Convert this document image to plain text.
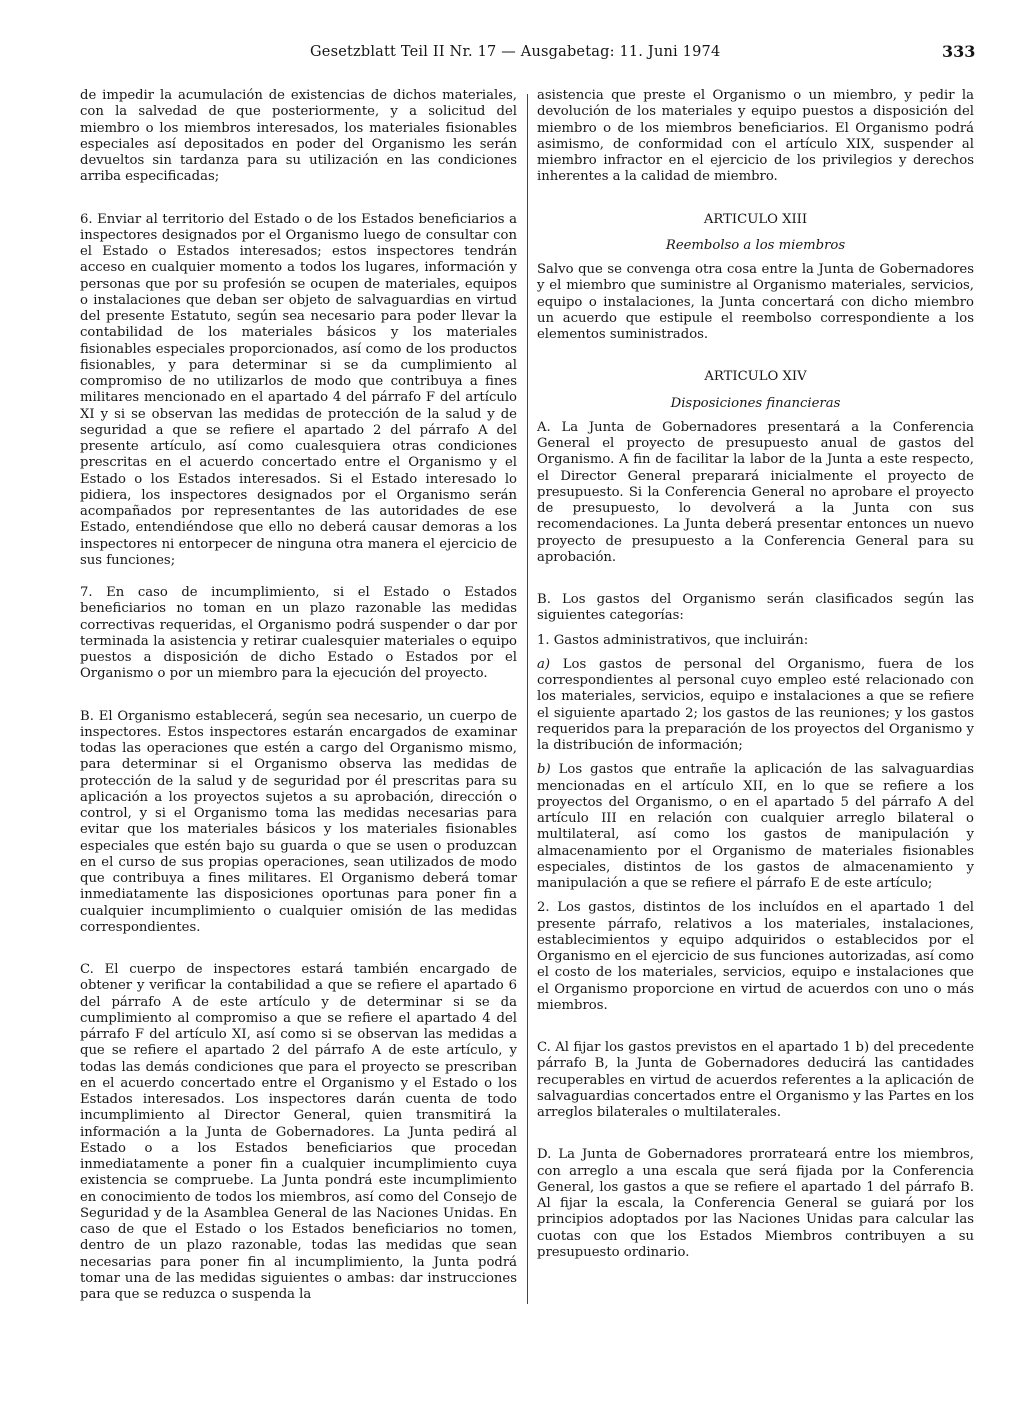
Gesetzblatt Teil II Nr. 17 — Ausgabetag: 11. Juni 1974	333

de impedir la acumulación de existencias de dichos materiales, con la salvedad de que posteriormente, y a solicitud del miembro o los miembros interesados, los materiales fisionables especiales así depositados en poder del Organismo les serán devueltos sin tardanza para su utilización en las condiciones arriba especificadas;

6. Enviar al territorio del Estado o de los Estados beneficiarios a inspectores designados por el Organismo luego de consultar con el Estado o Estados interesados; estos inspectores tendrán acceso en cualquier momento a todos los lugares, información y personas que por su profesión se ocupen de materiales, equipos o instalaciones que deban ser objeto de salvaguardias en virtud del presente Estatuto, según sea necesario para poder llevar la contabilidad de los materiales básicos y los materiales fisionables especiales proporcionados, así como de los productos fisionables, y para determinar si se da cumplimiento al compromiso de no utilizarlos de modo que contribuya a fines militares mencionado en el apartado 4 del párrafo F del artículo XI y si se observan las medidas de protección de la salud y de seguridad a que se refiere el apartado 2 del párrafo A del presente artículo, así como cualesquiera otras condiciones prescritas en el acuerdo concertado entre el Organismo y el Estado o los Estados interesados. Si el Estado interesado lo pidiera, los inspectores designados por el Organismo serán acompañados por representantes de las autoridades de ese Estado, entendiéndose que ello no deberá causar demoras a los inspectores ni entorpecer de ninguna otra manera el ejercicio de sus funciones;

7. En caso de incumplimiento, si el Estado o Estados beneficiarios no toman en un plazo razonable las medidas correctivas requeridas, el Organismo podrá suspender o dar por terminada la asistencia y retirar cualesquier materiales o equipo puestos a disposición de dicho Estado o Estados por el Organismo o por un miembro para la ejecución del proyecto.

B. El Organismo establecerá, según sea necesario, un cuerpo de inspectores. Estos inspectores estarán encargados de examinar todas las operaciones que estén a cargo del Organismo mismo, para determinar si el Organismo observa las medidas de protección de la salud y de seguridad por él prescritas para su aplicación a los proyectos sujetos a su aprobación, dirección o control, y si el Organismo toma las medidas necesarias para evitar que los materiales básicos y los materiales fisionables especiales que estén bajo su guarda o que se usen o produzcan en el curso de sus propias operaciones, sean utilizados de modo que contribuya a fines militares. El Organismo deberá tomar inmediatamente las disposiciones oportunas para poner fin a cualquier incumplimiento o cualquier omisión de las medidas correspondientes.

C. El cuerpo de inspectores estará también encargado de obtener y verificar la contabilidad a que se refiere el apartado 6 del párrafo A de este artículo y de determinar si se da cumplimiento al compromiso a que se refiere el apartado 4 del párrafo F del artículo XI, así como si se observan las medidas a que se refiere el apartado 2 del párrafo A de este artículo, y todas las demás condiciones que para el proyecto se prescriban en el acuerdo concertado entre el Organismo y el Estado o los Estados interesados. Los inspectores darán cuenta de todo incumplimiento al Director General, quien transmitirá la información a la Junta de Gobernadores. La Junta pedirá al Estado o a los Estados beneficiarios que procedan inmediatamente a poner fin a cualquier incumplimiento cuya existencia se compruebe. La Junta pondrá este incumplimiento en conocimiento de todos los miembros, así como del Consejo de Seguridad y de la Asamblea General de las Naciones Unidas. En caso de que el Estado o los Estados beneficiarios no tomen, dentro de un plazo razonable, todas las medidas que sean necesarias para poner fin al incumplimiento, la Junta podrá tomar una de las medidas siguientes o ambas: dar instrucciones para que se reduzca o suspenda la

asistencia que preste el Organismo o un miembro, y pedir la devolución de los materiales y equipo puestos a disposición del miembro o de los miembros beneficiarios. El Organismo podrá asimismo, de conformidad con el artículo XIX, suspender al miembro infractor en el ejercicio de los privilegios y derechos inherentes a la calidad de miembro.

ARTICULO XIII

Reembolso a los miembros

Salvo que se convenga otra cosa entre la Junta de Gobernadores y el miembro que suministre al Organismo materiales, servicios, equipo o instalaciones, la Junta concertará con dicho miembro un acuerdo que estipule el reembolso correspondiente a los elementos suministrados.

ARTICULO XIV

Disposiciones financieras

A. La Junta de Gobernadores presentará a la Conferencia General el proyecto de presupuesto anual de gastos del Organismo. A fin de facilitar la labor de la Junta a este respecto, el Director General preparará inicialmente el proyecto de presupuesto. Si la Conferencia General no aprobare el proyecto de presupuesto, lo devolverá a la Junta con sus recomendaciones. La Junta deberá presentar entonces un nuevo proyecto de presupuesto a la Conferencia General para su aprobación.

B. Los gastos del Organismo serán clasificados según las siguientes categorías:

1. Gastos administrativos, que incluirán:

a) Los gastos de personal del Organismo, fuera de los correspondientes al personal cuyo empleo esté relacionado con los materiales, servicios, equipo e instalaciones a que se refiere el siguiente apartado 2; los gastos de las reuniones; y los gastos requeridos para la preparación de los proyectos del Organismo y la distribución de información;

b) Los gastos que entrañe la aplicación de las salvaguardias mencionadas en el artículo XII, en lo que se refiere a los proyectos del Organismo, o en el apartado 5 del párrafo A del artículo III en relación con cualquier arreglo bilateral o multilateral, así como los gastos de manipulación y almacenamiento por el Organismo de materiales fisionables especiales, distintos de los gastos de almacenamiento y manipulación a que se refiere el párrafo E de este artículo;

2. Los gastos, distintos de los incluídos en el apartado 1 del presente párrafo, relativos a los materiales, instalaciones, establecimientos y equipo adquiridos o establecidos por el Organismo en el ejercicio de sus funciones autorizadas, así como el costo de los materiales, servicios, equipo e instalaciones que el Organismo proporcione en virtud de acuerdos con uno o más miembros.

C. Al fijar los gastos previstos en el apartado 1 b) del precedente párrafo B, la Junta de Gobernadores deducirá las cantidades recuperables en virtud de acuerdos referentes a la aplicación de salvaguardias concertados entre el Organismo y las Partes en los arreglos bilaterales o multilaterales.

D. La Junta de Gobernadores prorrateará entre los miembros, con arreglo a una escala que será fijada por la Conferencia General, los gastos a que se refiere el apartado 1 del párrafo B. Al fijar la escala, la Conferencia General se guiará por los principios adoptados por las Naciones Unidas para calcular las cuotas con que los Estados Miembros contribuyen a su presupuesto ordinario.
